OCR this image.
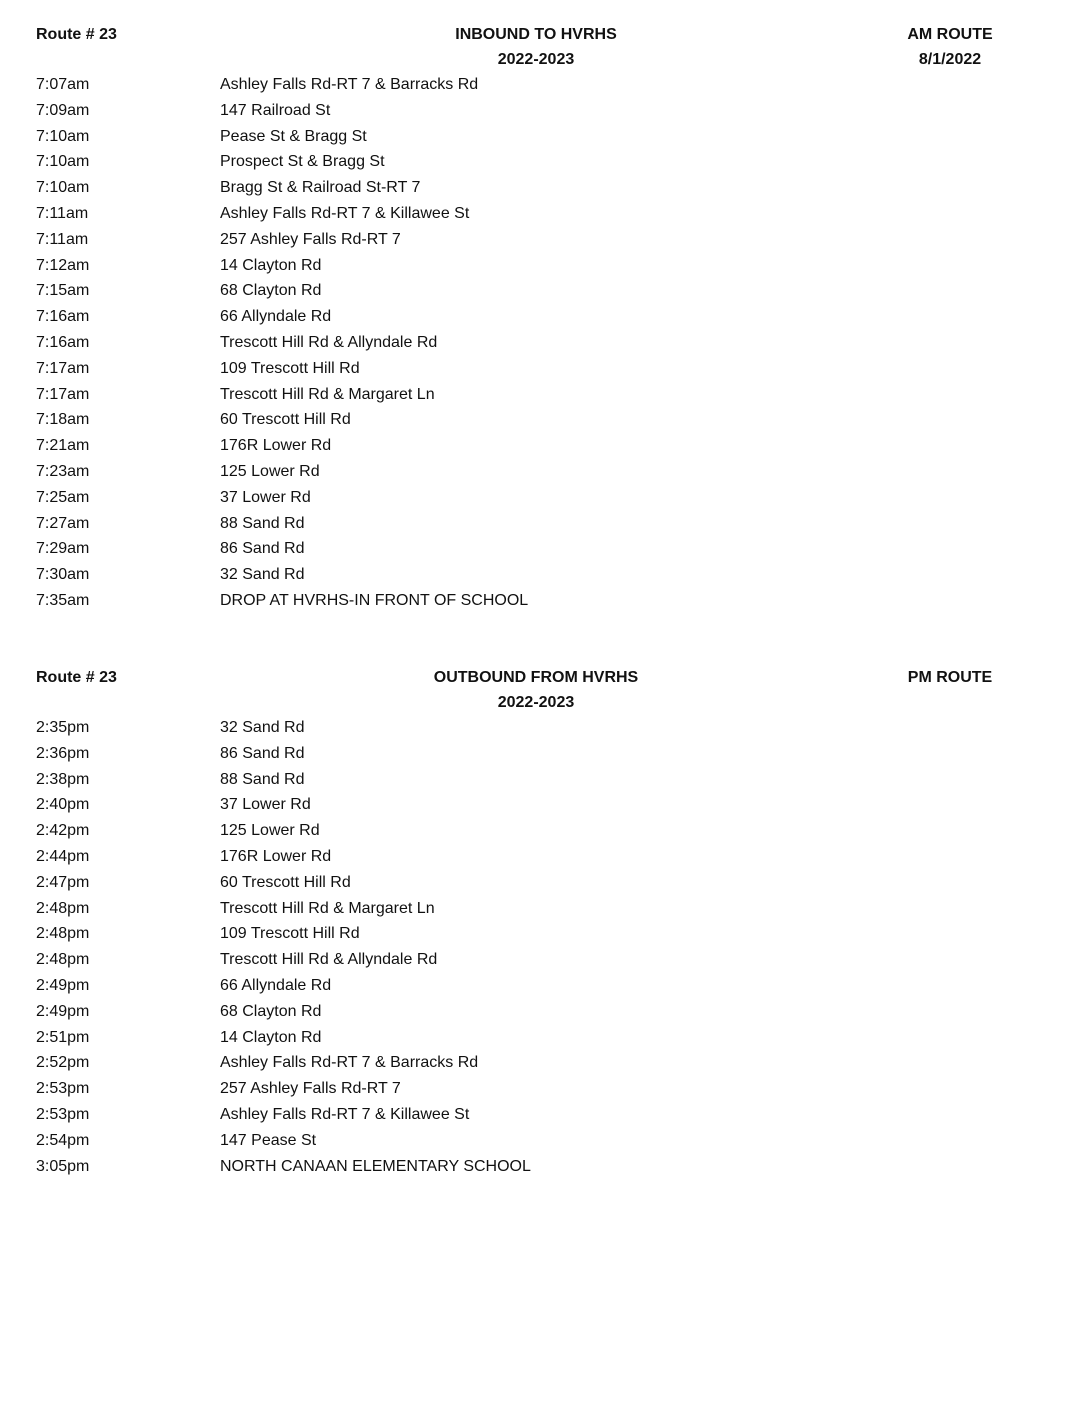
Route # 23	INBOUND TO HVRHS	AM ROUTE
2022-2023	8/1/2022
7:07am	Ashley Falls Rd-RT 7 & Barracks Rd
7:09am	147 Railroad St
7:10am	Pease St & Bragg St
7:10am	Prospect St & Bragg St
7:10am	Bragg St & Railroad St-RT 7
7:11am	Ashley Falls Rd-RT 7 & Killawee St
7:11am	257 Ashley Falls Rd-RT 7
7:12am	14 Clayton Rd
7:15am	68 Clayton Rd
7:16am	66 Allyndale Rd
7:16am	Trescott Hill Rd & Allyndale Rd
7:17am	109 Trescott Hill Rd
7:17am	Trescott Hill Rd & Margaret Ln
7:18am	60 Trescott Hill Rd
7:21am	176R Lower Rd
7:23am	125 Lower Rd
7:25am	37 Lower Rd
7:27am	88 Sand Rd
7:29am	86 Sand Rd
7:30am	32 Sand Rd
7:35am	DROP AT HVRHS-IN FRONT OF SCHOOL
Route # 23	OUTBOUND FROM HVRHS	PM ROUTE
2022-2023
2:35pm	32 Sand Rd
2:36pm	86 Sand Rd
2:38pm	88 Sand Rd
2:40pm	37 Lower Rd
2:42pm	125 Lower Rd
2:44pm	176R Lower Rd
2:47pm	60 Trescott Hill Rd
2:48pm	Trescott Hill Rd & Margaret Ln
2:48pm	109 Trescott Hill Rd
2:48pm	Trescott Hill Rd & Allyndale Rd
2:49pm	66 Allyndale Rd
2:49pm	68 Clayton Rd
2:51pm	14 Clayton Rd
2:52pm	Ashley Falls Rd-RT 7 & Barracks Rd
2:53pm	257 Ashley Falls Rd-RT 7
2:53pm	Ashley Falls Rd-RT 7 & Killawee St
2:54pm	147 Pease St
3:05pm	NORTH CANAAN ELEMENTARY SCHOOL
